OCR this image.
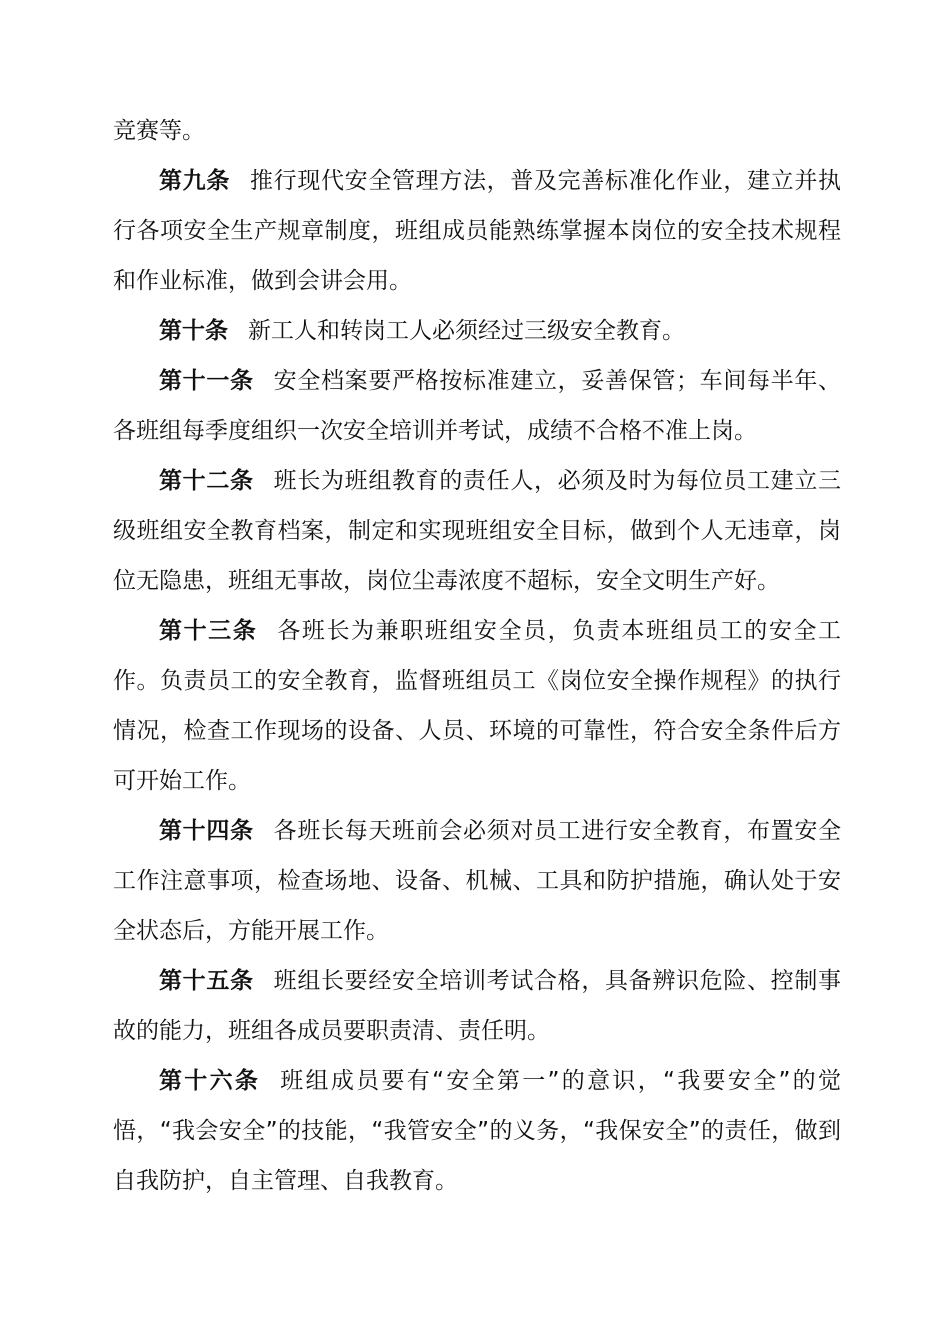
竞赛等。

第九条 推行现代安全管理方法，普及完善标准化作业，建立并执行各项安全生产规章制度，班组成员能熟练掌握本岗位的安全技术规程和作业标准，做到会讲会用。

第十条 新工人和转岗工人必须经过三级安全教育。

第十一条 安全档案要严格按标准建立，妥善保管；车间每半年、各班组每季度组织一次安全培训并考试，成绩不合格不准上岗。

第十二条 班长为班组教育的责任人，必须及时为每位员工建立三级班组安全教育档案，制定和实现班组安全目标，做到个人无违章，岗位无隐患，班组无事故，岗位尘毒浓度不超标，安全文明生产好。

第十三条 各班长为兼职班组安全员，负责本班组员工的安全工作。负责员工的安全教育，监督班组员工《岗位安全操作规程》的执行情况，检查工作现场的设备、人员、环境的可靠性，符合安全条件后方可开始工作。

第十四条 各班长每天班前会必须对员工进行安全教育，布置安全工作注意事项，检查场地、设备、机械、工具和防护措施，确认处于安全状态后，方能开展工作。

第十五条 班组长要经安全培训考试合格，具备辨识危险、控制事故的能力，班组各成员要职责清、责任明。

第十六条 班组成员要有“安全第一”的意识，“我要安全”的觉悟，“我会安全”的技能，“我管安全”的义务，“我保安全”的责任，做到自我防护，自主管理、自我教育。
